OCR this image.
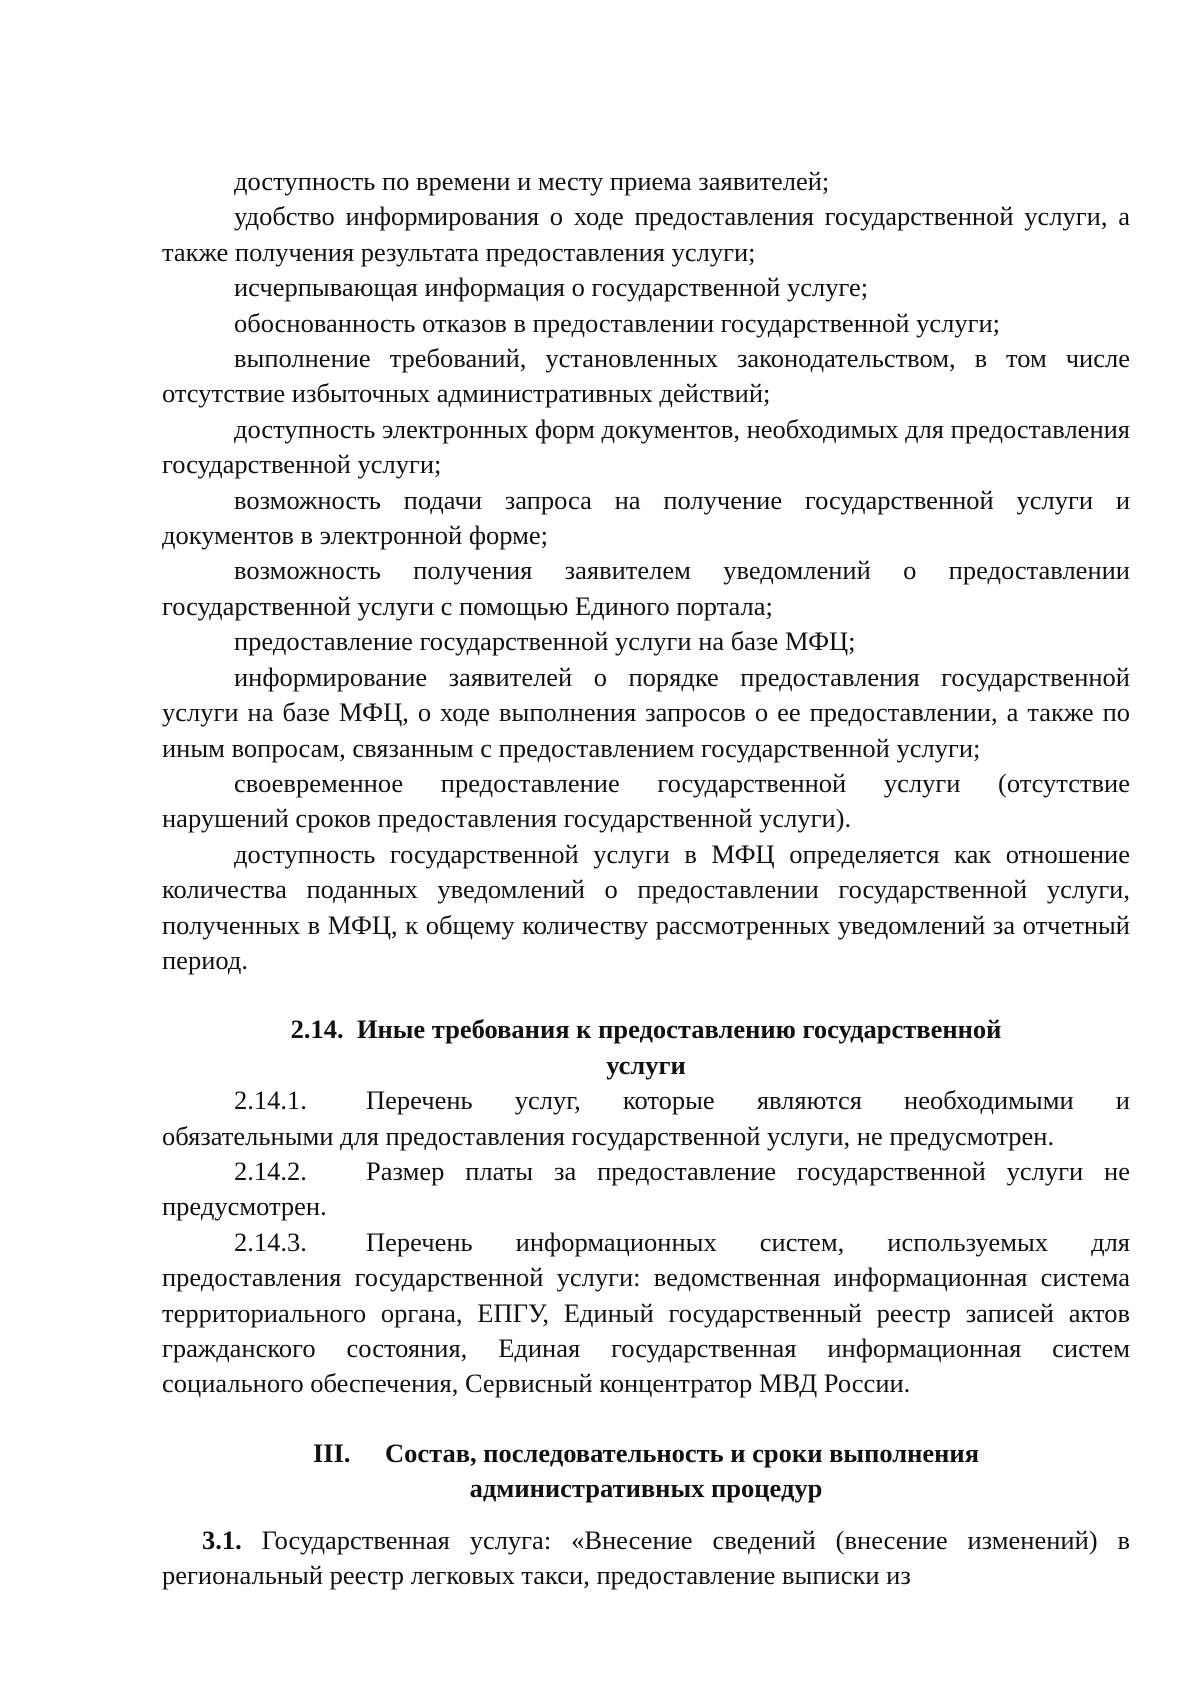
доступность по времени и месту приема заявителей;

удобство информирования о ходе предоставления государственной услуги, а также получения результата предоставления услуги;

исчерпывающая информация о государственной услуге;

обоснованность отказов в предоставлении государственной услуги;

выполнение требований, установленных законодательством, в том числе отсутствие избыточных административных действий;

доступность электронных форм документов, необходимых для предоставления государственной услуги;

возможность подачи запроса на получение государственной услуги и документов в электронной форме;

возможность получения заявителем уведомлений о предоставлении государственной услуги с помощью Единого портала;

предоставление государственной услуги на базе МФЦ;

информирование заявителей о порядке предоставления государственной услуги на базе МФЦ, о ходе выполнения запросов о ее предоставлении, а также по иным вопросам, связанным с предоставлением государственной услуги;

своевременное предоставление государственной услуги (отсутствие нарушений сроков предоставления государственной услуги).

доступность государственной услуги в МФЦ определяется как отношение количества поданных уведомлений о предоставлении государственной услуги, полученных в МФЦ, к общему количеству рассмотренных уведомлений за отчетный период.

2.14.  Иные требования к предоставлению государственной
услуги

2.14.1. Перечень услуг, которые являются необходимыми и обязательными для предоставления государственной услуги, не предусмотрен.

2.14.2. Размер платы за предоставление государственной услуги не предусмотрен.

2.14.3. Перечень информационных систем, используемых для предоставления государственной услуги: ведомственная информационная система территориального органа, ЕПГУ, Единый государственный реестр записей актов гражданского состояния, Единая государственная информационная систем социального обеспечения, Сервисный концентратор МВД России.

III. Состав, последовательность и сроки выполнения
административных процедур

3.1. Государственная услуга: «Внесение сведений (внесение изменений) в региональный реестр легковых такси, предоставление выписки из
